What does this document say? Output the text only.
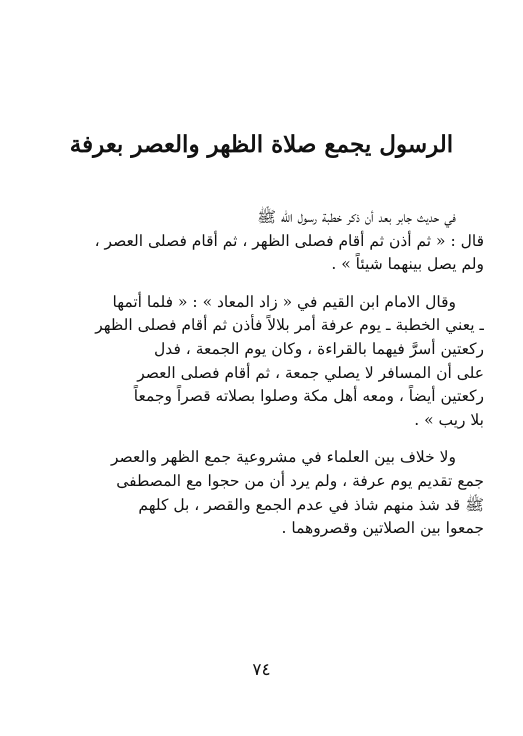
الرسول يجمع صلاة الظهر والعصر بعرفة

في حديث جابر بعد أن ذكر خطبة رسول الله ﷺ
قال : « ثم أذن ثم أقام فصلى الظهر ، ثم أقام فصلى العصر ،
ولم يصل بينهما شيئاً » .

وقال الامام ابن القيم في « زاد المعاد » : « فلما أتمها
ـ يعني الخطبة ـ يوم عرفة أمر بلالاً فأذن ثم أقام فصلى الظهر
ركعتين أسرَّ فيهما بالقراءة ، وكان يوم الجمعة ، فدل
على أن المسافر لا يصلي جمعة ، ثم أقام فصلى العصر
ركعتين أيضاً ، ومعه أهل مكة وصلوا بصلاته قصراً وجمعاً
بلا ريب » .

ولا خلاف بين العلماء في مشروعية جمع الظهر والعصر
جمع تقديم يوم عرفة ، ولم يرد أن من حجوا مع المصطفى
ﷺ قد شذ منهم شاذ في عدم الجمع والقصر ، بل كلهم
جمعوا بين الصلاتين وقصروهما .

٧٤
